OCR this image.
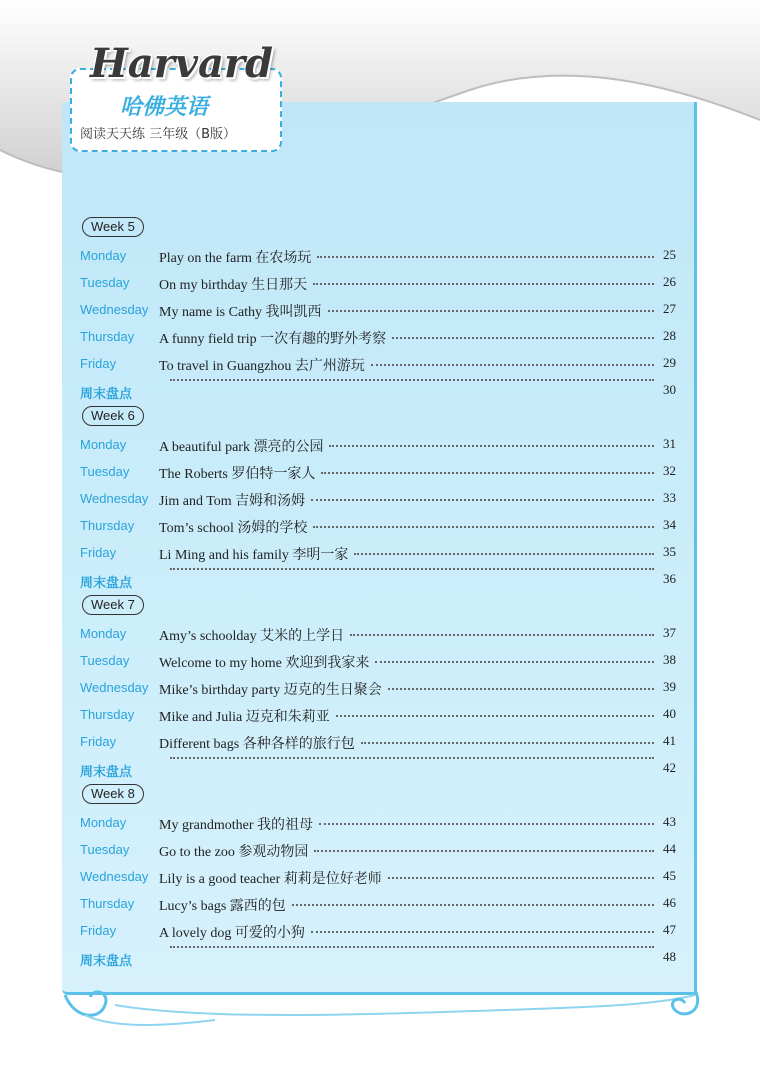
Harvard
哈佛英语
阅读天天练 三年级（B版）
Week 5
Monday Play on the farm 在农场玩	25
Tuesday On my birthday 生日那天	26
Wednesday My name is Cathy 我叫凯西	27
Thursday A funny field trip 一次有趣的野外考察	28
Friday	To travel in Guangzhou 去广州游玩	29
周末盘点	30
Week 6
Monday A beautiful park 漂亮的公园	31
Tuesday The Roberts 罗伯特一家人	32
Wednesday Jim and Tom 吉姆和汤姆	33
Thursday Tom’s school 汤姆的学校	34
Friday	Li Ming and his family 李明一家	35
周末盘点	36
Week 7
Monday Amy’s schoolday 艾米的上学日	37
Tuesday Welcome to my home 欢迎到我家来	38
Wednesday Mike’s birthday party 迈克的生日聚会	39
Thursday Mike and Julia 迈克和朱莉亚	40
Friday	Different bags 各种各样的旅行包	41
周末盘点	42
Week 8
Monday My grandmother 我的祖母	43
Tuesday Go to the zoo 参观动物园	44
Wednesday Lily is a good teacher 莉莉是位好老师	45
Thursday Lucy’s bags 露西的包	46
Friday	A lovely dog 可爱的小狗	47
周末盘点	48
